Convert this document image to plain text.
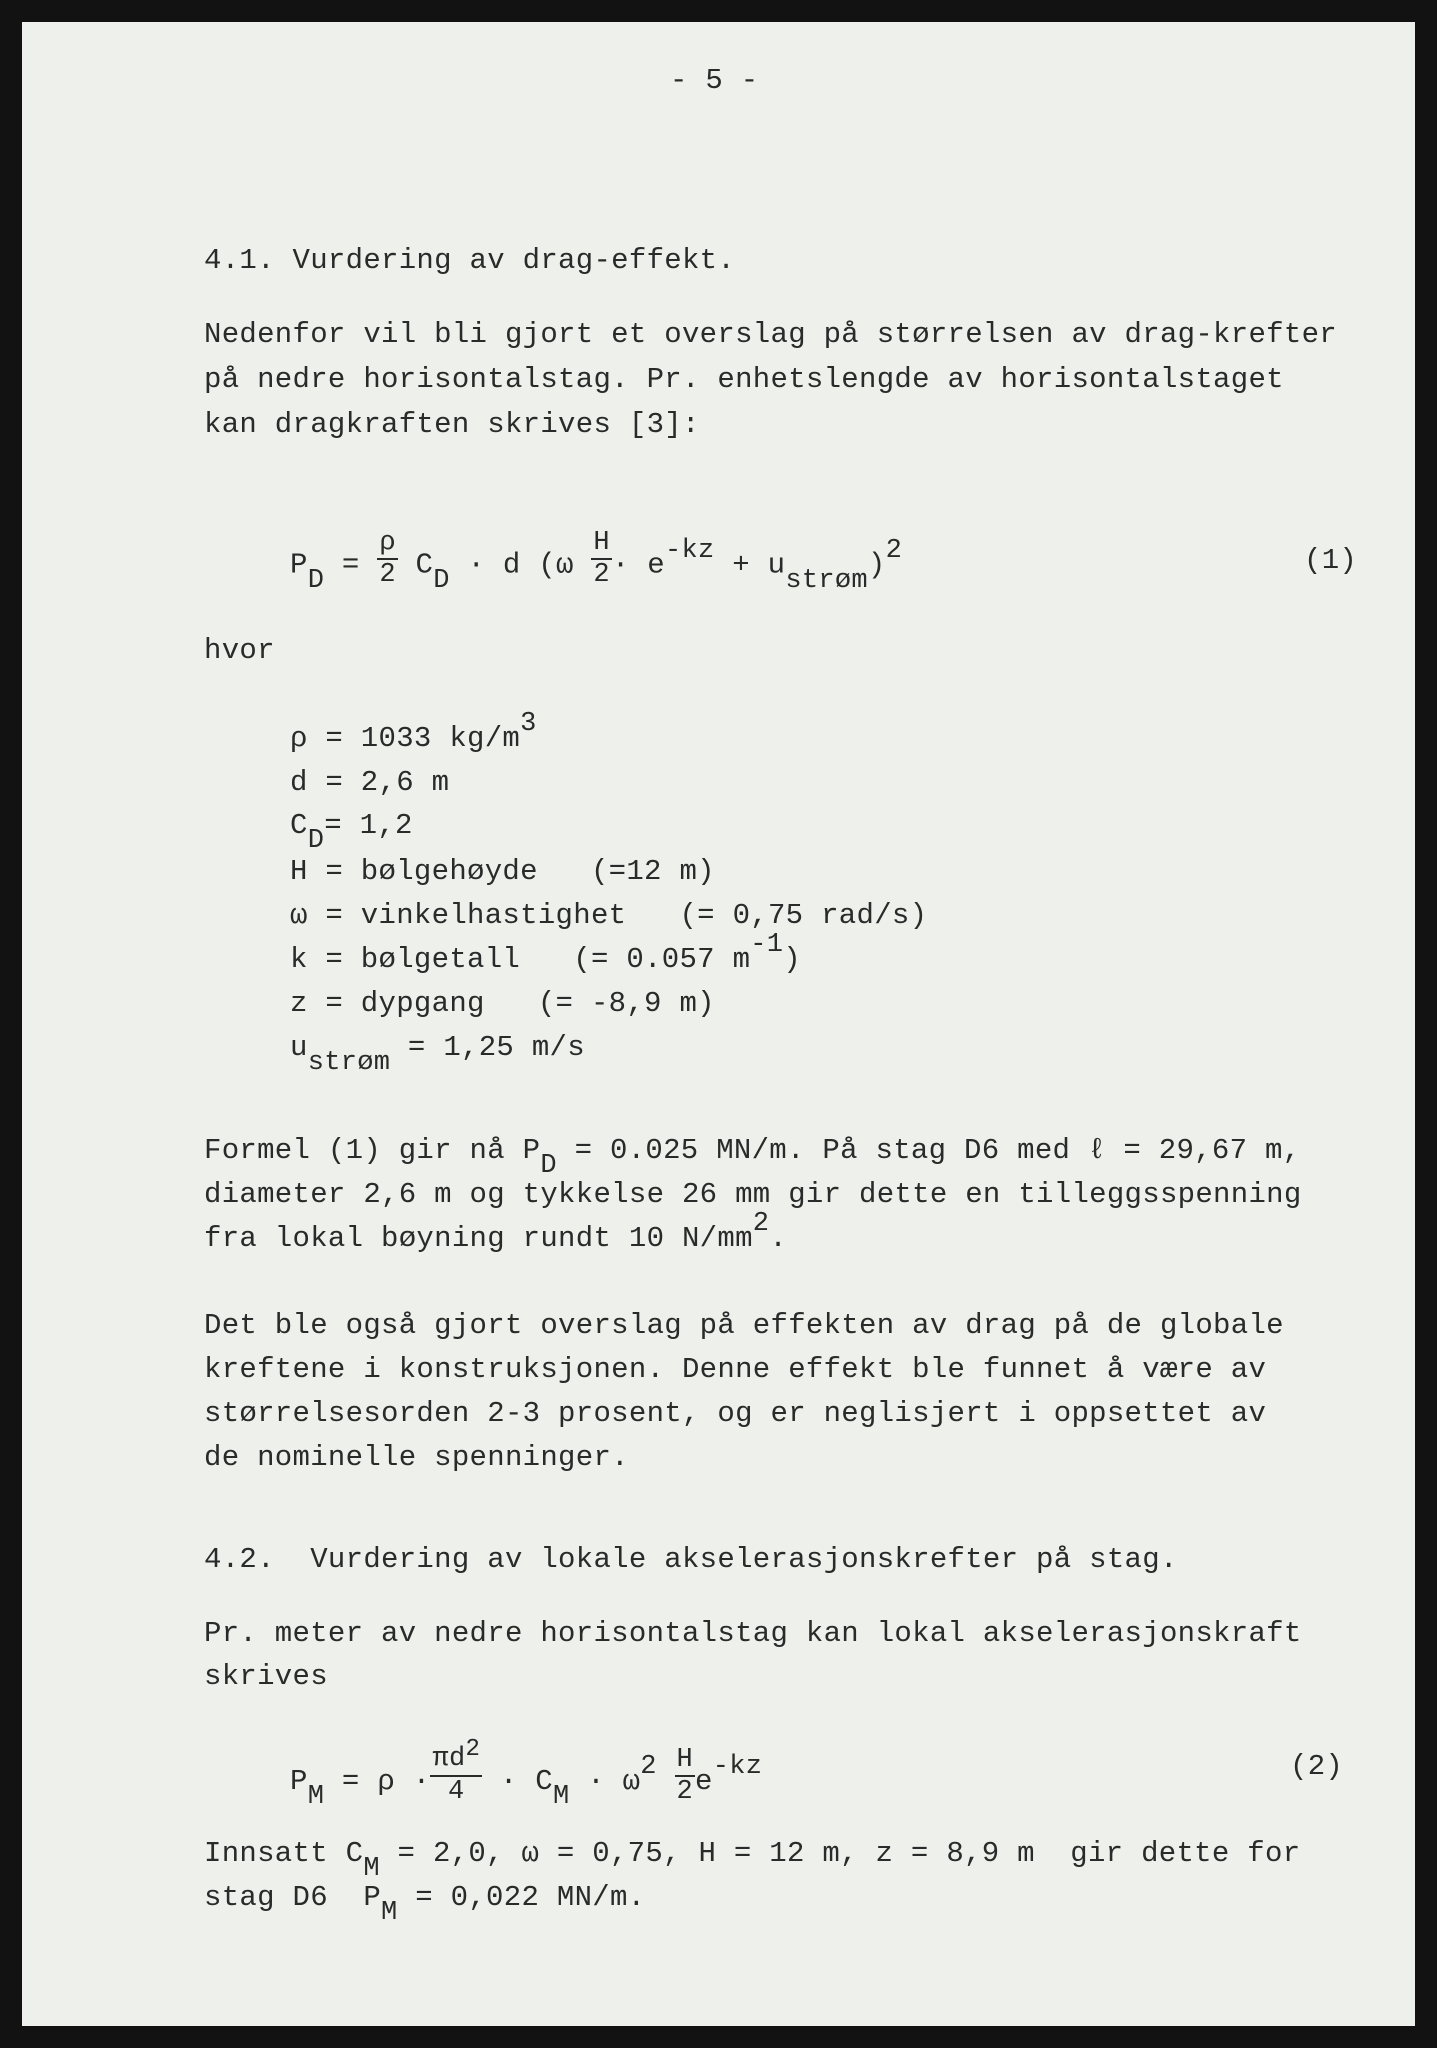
- 5 -
4.1. Vurdering av drag-effekt.
Nedenfor vil bli gjort et overslag på størrelsen av drag-krefter
på nedre horisontalstag. Pr. enhetslengde av horisontalstaget
kan dragkraften skrives [3]:
PD = $\frac{\rho}{2}$ CD · d ($\omega \frac{H}{2} \cdot e-kz$ + ustrøm)2	(1)
hvor
ρ = 1033 kg/m3
d = 2,6 m
CD= 1,2
H = bølgehøyde   (=12 m)
ω = vinkelhastighet   (= 0,75 rad/s)
k = bølgetall   (= 0.057 m-1)
z = dypgang   (= -8,9 m)
ustrøm = 1,25 m/s
Formel (1) gir nå PD = 0.025 MN/m. På stag D6 med ℓ = 29,67 m,
diameter 2,6 m og tykkelse 26 mm gir dette en tilleggsspenning
fra lokal bøyning rundt 10 N/mm2.
Det ble også gjort overslag på effekten av drag på de globale
kreftene i konstruksjonen. Denne effekt ble funnet å være av
størrelsesorden 2-3 prosent, og er neglisjert i oppsettet av
de nominelle spenninger.
4.2.  Vurdering av lokale akselerasjonskrefter på stag.
Pr. meter av nedre horisontalstag kan lokal akselerasjonskraft
skrives
PM = $\rho \cdot \frac{\pi d2}{4}$ · CM · $\omega 2 \frac{H}{2} e-kz$	(2)
Innsatt CM = 2,0, ω = 0,75, H = 12 m, z = 8,9 m  gir dette for
stag D6  PM = 0,022 MN/m.
